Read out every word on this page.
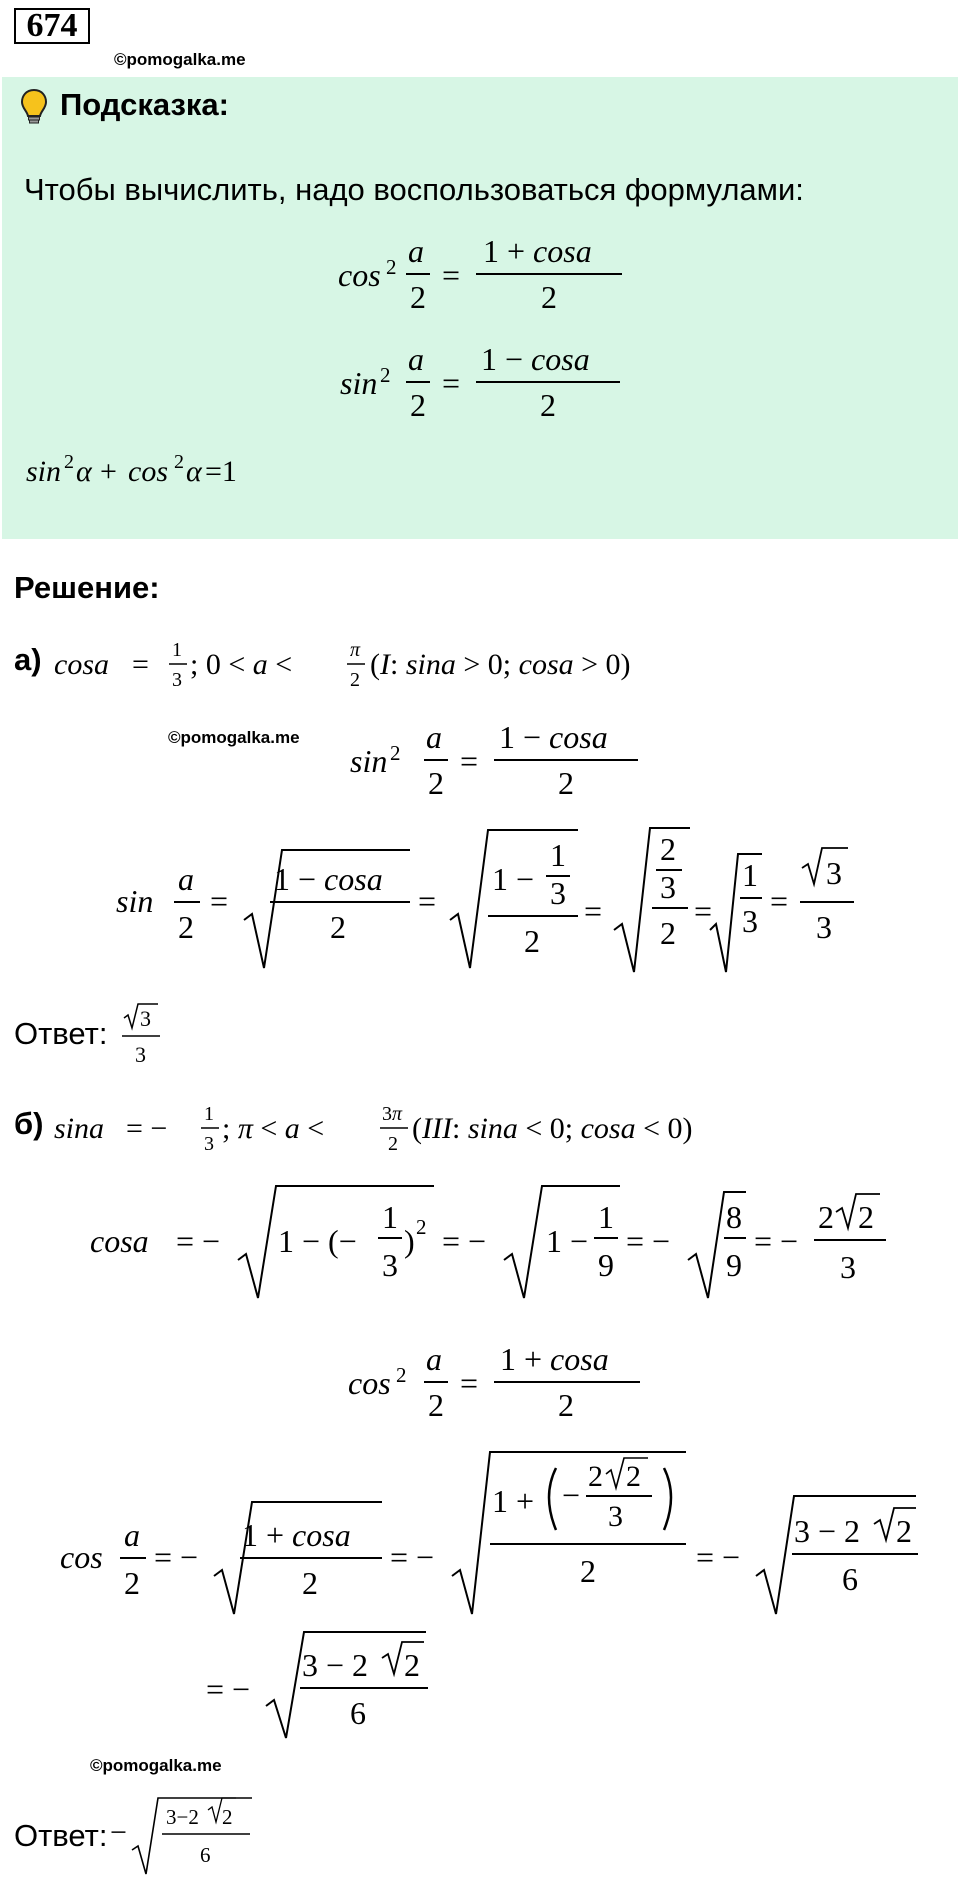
674
©pomogalka.me
Подсказка:
Чтобы вычислить, надо воспользоваться формулами:
cos 2 a
2
=
1 + cosa
2
sin 2 a
2
=
1 − cosa
2
sin 2 α + cos 2 α =1
Решение:
а) cosa = 1
3 ; 0 < a <	π
2 (I: sina > 0; cosa > 0)
©pomogalka.me
sin 2 a
2
=
1 − cosa
2
sin
a
2
=
1 − cosa
2
=
1 −
1
3
2
=
2
3
2
=
1
3
=
3
3
Ответ: 3
3
б) sina = − 1
3 ; π < a <	3π
2 (III: sina < 0; cosa < 0)
cosa = − 1 − (−
1
3
) 2 = − 1 −
1
9
= −
8
9
= −
2 2
3
cos 2 a
2
=
1 + cosa
2
cos
a
2
= −
1 + cosa
2
= −
1 + −
2 2
3
2	= −
3 − 2 2
6
= −
3 − 2 2
6
©pomogalka.me
Ответ: − 3−2 2
6
